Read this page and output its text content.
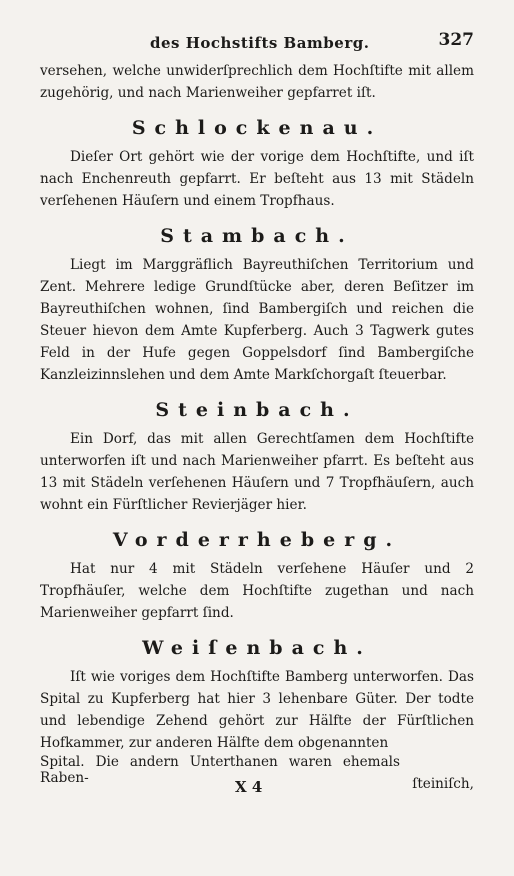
des Hochstifts Bamberg.	327

versehen, welche unwiderſprechlich dem Hochſtifte mit allem zugehörig, und nach Marienweiher gepfarret iſt.

Schlockenau.

Dieſer Ort gehört wie der vorige dem Hochſtifte, und iſt nach Enchenreuth gepfarrt. Er beſteht aus 13 mit Städeln verſehenen Häuſern und einem Tropfhaus.

Stambach.

Liegt im Marggräflich Bayreuthiſchen Territorium und Zent. Mehrere ledige Grundſtücke aber, deren Beſitzer im Bayreuthiſchen wohnen, ſind Bambergiſch und reichen die Steuer hievon dem Amte Kupferberg. Auch 3 Tagwerk gutes Feld in der Hufe gegen Goppelsdorf ſind Bambergiſche Kanzleizinnslehen und dem Amte Markſchorgaſt ſteuerbar.

Steinbach.

Ein Dorf, das mit allen Gerechtſamen dem Hochſtifte unterworfen iſt und nach Marienweiher pfarrt. Es beſteht aus 13 mit Städeln verſehenen Häuſern und 7 Tropfhäuſern, auch wohnt ein Fürſtlicher Revierjäger hier.

Vorderrheberg.

Hat nur 4 mit Städeln verſehene Häuſer und 2 Tropfhäuſer, welche dem Hochſtifte zugethan und nach Marienweiher gepfarrt ſind.

Weiſenbach.

Iſt wie voriges dem Hochſtifte Bamberg unterworfen. Das Spital zu Kupferberg hat hier 3 lehenbare Güter. Der todte und lebendige Zehend gehört zur Hälfte der Fürſtlichen Hofkammer, zur anderen Hälfte dem obgenannten

Spital. Die andern Unterthanen waren ehemals Raben-	X 4	ſteiniſch,
